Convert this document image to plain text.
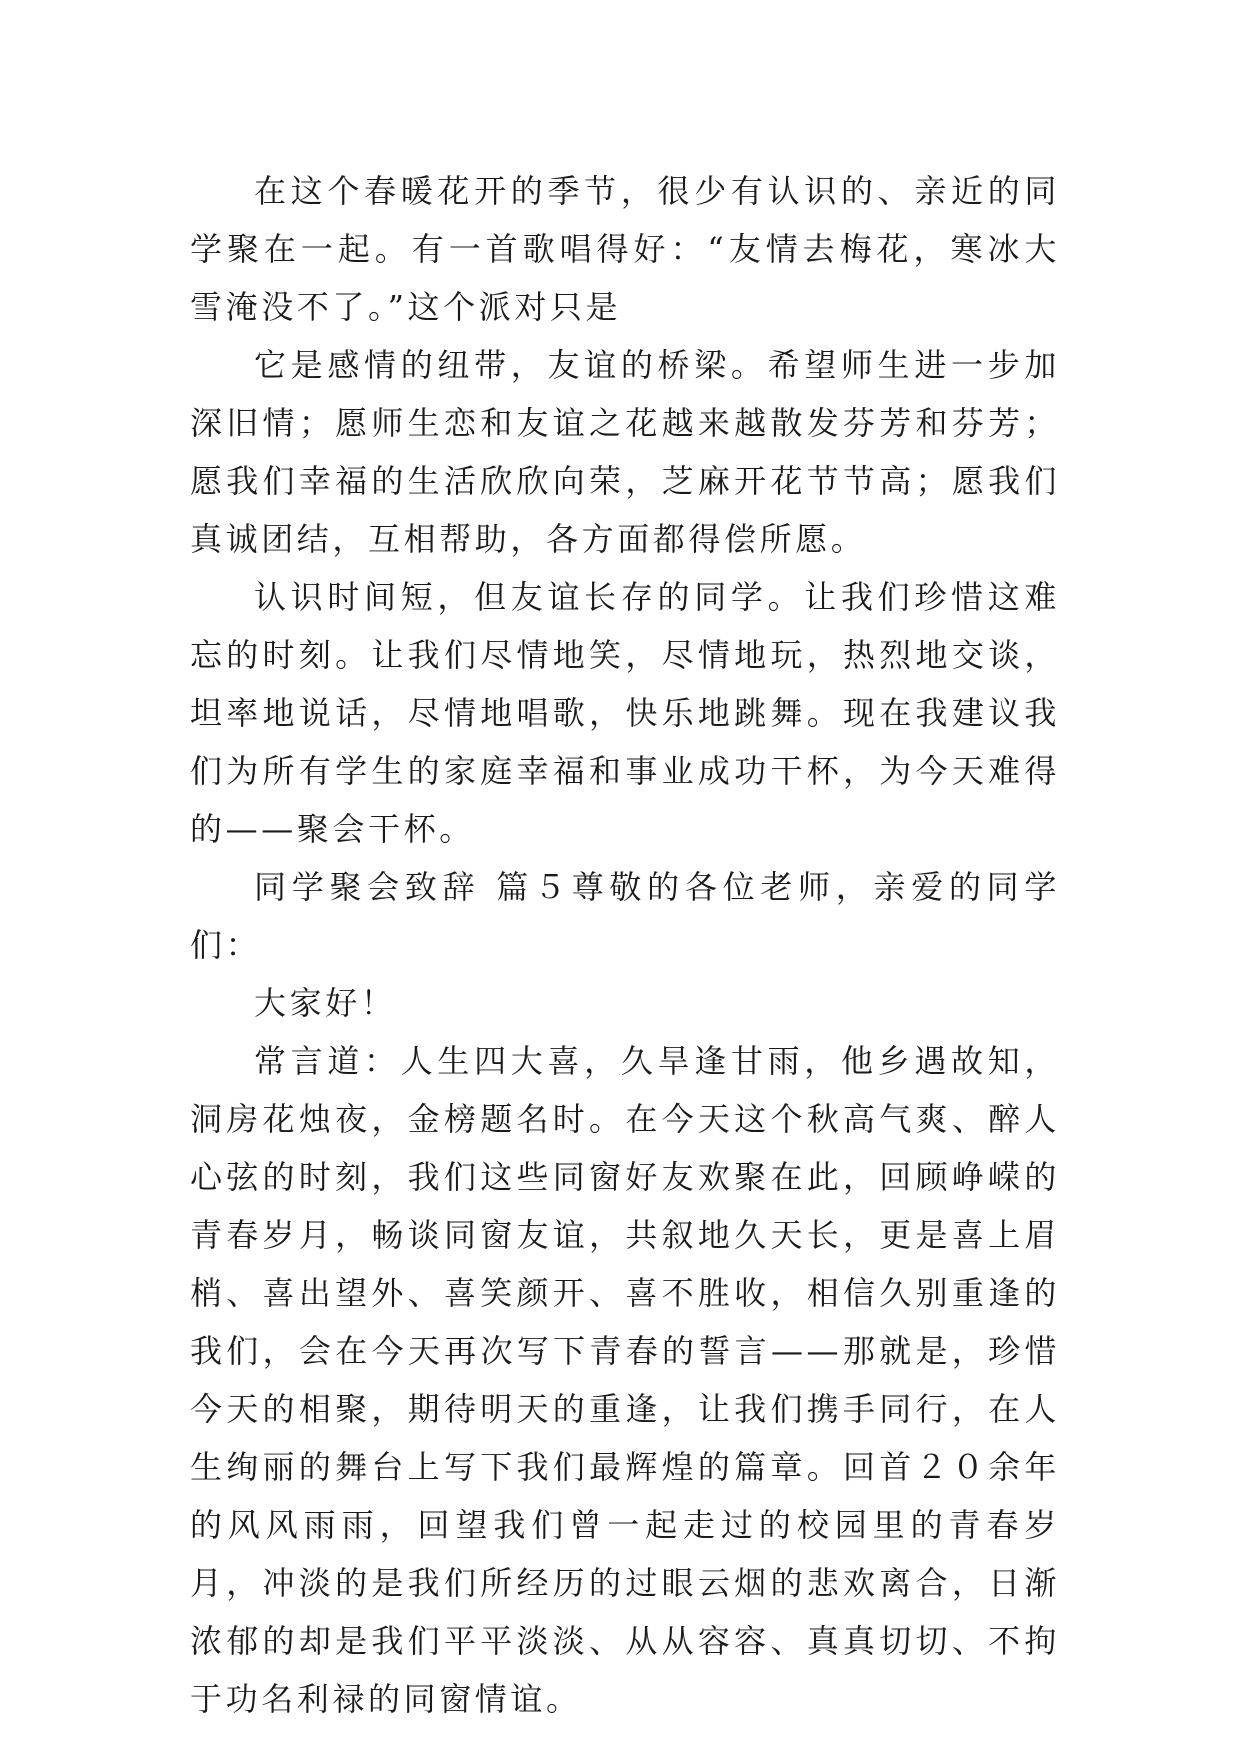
在这个春暖花开的季节，很少有认识的、亲近的同学聚在一起。有一首歌唱得好：“友情去梅花，寒冰大雪淹没不了。”这个派对只是

它是感情的纽带，友谊的桥梁。希望师生进一步加深旧情；愿师生恋和友谊之花越来越散发芬芳和芬芳；愿我们幸福的生活欣欣向荣，芝麻开花节节高；愿我们真诚团结，互相帮助，各方面都得偿所愿。

认识时间短，但友谊长存的同学。让我们珍惜这难忘的时刻。让我们尽情地笑，尽情地玩，热烈地交谈，坦率地说话，尽情地唱歌，快乐地跳舞。现在我建议我们为所有学生的家庭幸福和事业成功干杯，为今天难得的——聚会干杯。

同学聚会致辞 篇５尊敬的各位老师，亲爱的同学们：

大家好！

常言道：人生四大喜，久旱逢甘雨，他乡遇故知，洞房花烛夜，金榜题名时。在今天这个秋高气爽、醉人心弦的时刻，我们这些同窗好友欢聚在此，回顾峥嵘的青春岁月，畅谈同窗友谊，共叙地久天长，更是喜上眉梢、喜出望外、喜笑颜开、喜不胜收，相信久别重逢的我们，会在今天再次写下青春的誓言——那就是，珍惜今天的相聚，期待明天的重逢，让我们携手同行，在人生绚丽的舞台上写下我们最辉煌的篇章。回首２０余年的风风雨雨，回望我们曾一起走过的校园里的青春岁月，冲淡的是我们所经历的过眼云烟的悲欢离合，日渐浓郁的却是我们平平淡淡、从从容容、真真切切、不拘于功名利禄的同窗情谊。
